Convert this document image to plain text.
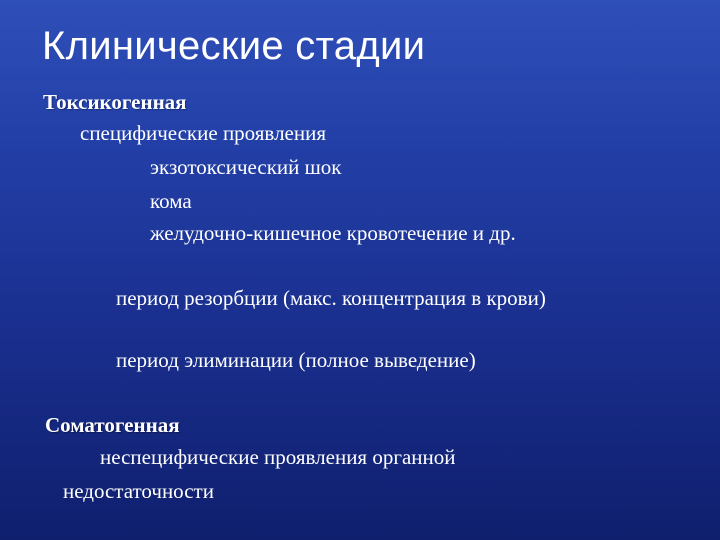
Клинические стадии
Токсикогенная
специфические проявления
экзотоксический шок
кома
желудочно-кишечное кровотечение и др.
период резорбции (макс. концентрация в крови)
период элиминации (полное выведение)
Соматогенная
неспецифические проявления органной
недостаточности
